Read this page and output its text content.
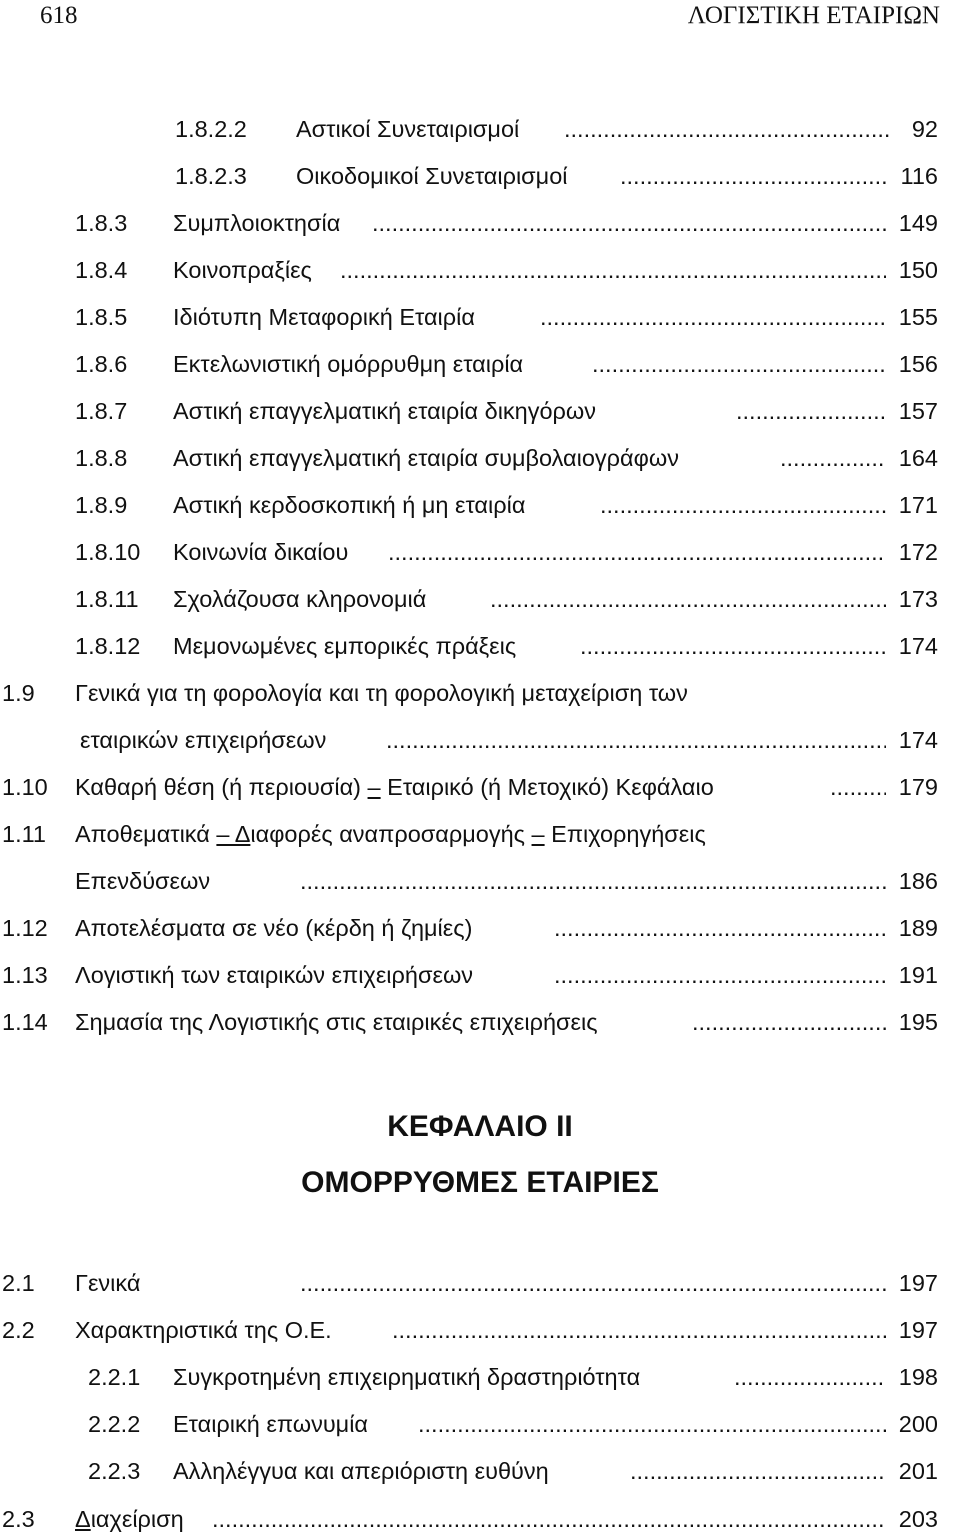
618	ΛΟΓΙΣΤΙΚΗ ΕΤΑΙΡΙΩΝ
1.8.2.2 Αστικοί Συνεταιρισμοί .....	92
1.8.2.3 Οικοδομικοί Συνεταιρισμοί .....	116
1.8.3 Συμπλοιοκτησία .....	149
1.8.4 Κοινοπραξίες .....	150
1.8.5 Ιδιότυπη Μεταφορική Εταιρία .....	155
1.8.6 Εκτελωνιστική ομόρρυθμη εταιρία .....	156
1.8.7 Αστική επαγγελματική εταιρία δικηγόρων .....	157
1.8.8 Αστική επαγγελματική εταιρία συμβολαιογράφων .....	164
1.8.9 Αστική κερδοσκοπική ή μη εταιρία .....	171
1.8.10 Κοινωνία δικαίου .....	172
1.8.11 Σχολάζουσα κληρονομιά .....	173
1.8.12 Μεμονωμένες εμπορικές πράξεις .....	174
1.9 Γενικά για τη φορολογία και τη φορολογική μεταχείριση των
εταιρικών επιχειρήσεων .....	174
1.10 Καθαρή θέση (ή περιουσία) – Εταιρικό (ή Μετοχικό) Κεφάλαιο .....	179
1.11 Αποθεματικά – Διαφορές αναπροσαρμογής – Επιχορηγήσεις
Επενδύσεων .....	186
1.12 Αποτελέσματα σε νέο (κέρδη ή ζημίες) .....	189
1.13 Λογιστική των εταιρικών επιχειρήσεων .....	191
1.14 Σημασία της Λογιστικής στις εταιρικές επιχειρήσεις .....	195
ΚΕΦΑΛΑΙΟ ΙΙ
ΟΜΟΡΡΥΘΜΕΣ ΕΤΑΙΡΙΕΣ
2.1 Γενικά .....	197
2.2 Χαρακτηριστικά της Ο.Ε. .....	197
2.2.1 Συγκροτημένη επιχειρηματική δραστηριότητα .....	198
2.2.2 Εταιρική επωνυμία .....	200
2.2.3 Αλληλέγγυα και απεριόριστη ευθύνη .....	201
2.3 Διαχείριση .....	203
